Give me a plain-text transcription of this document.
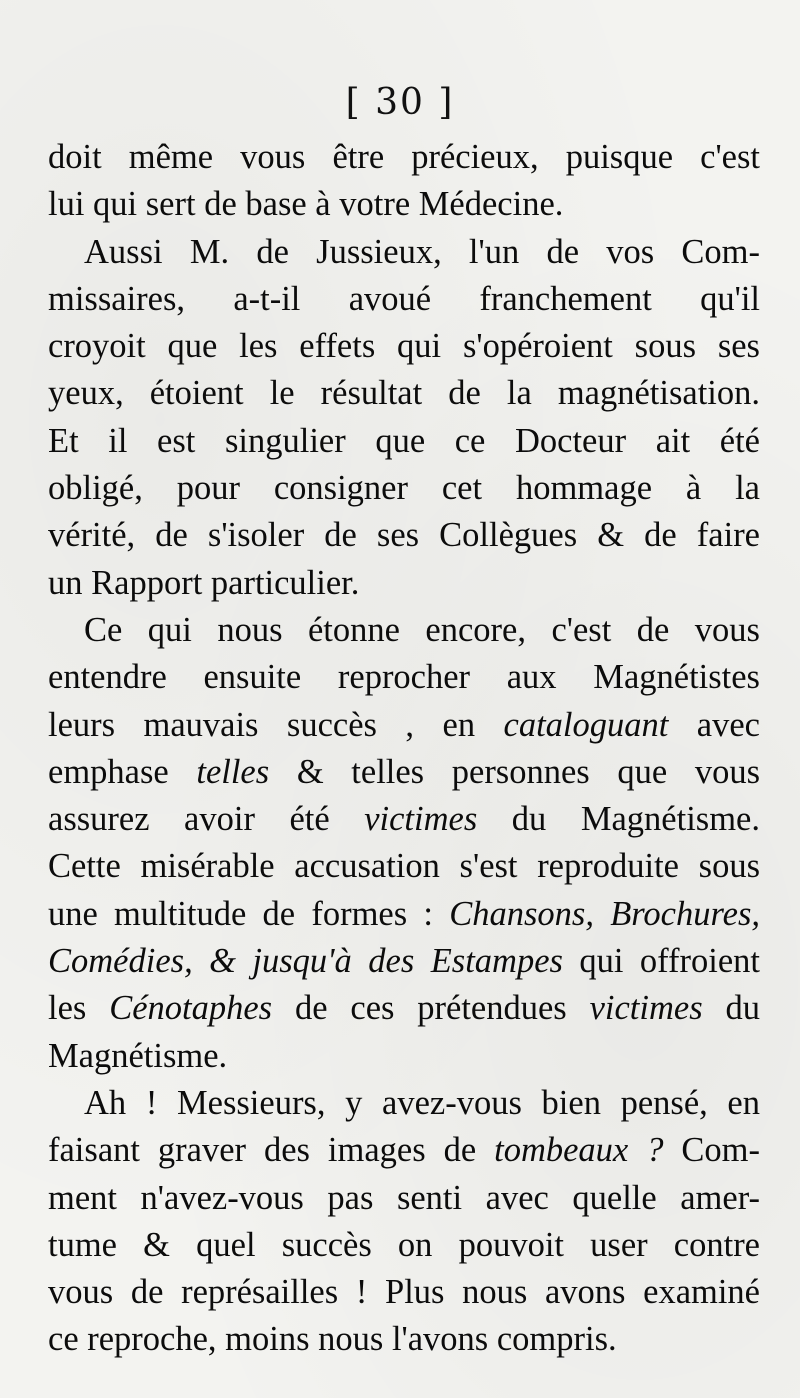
[ 30 ]
doit même vous être précieux, puisque c'est
lui qui sert de base à votre Médecine.
Aussi M. de Jussieux, l'un de vos Com-
missaires, a-t-il avoué franchement qu'il
croyoit que les effets qui s'opéroient sous ses
yeux, étoient le résultat de la magnétisation.
Et il est singulier que ce Docteur ait été
obligé, pour consigner cet hommage à la
vérité, de s'isoler de ses Collègues & de faire
un Rapport particulier.
Ce qui nous étonne encore, c'est de vous
entendre ensuite reprocher aux Magnétistes
leurs mauvais succès , en cataloguant avec
emphase telles & telles personnes que vous
assurez avoir été victimes du Magnétisme.
Cette misérable accusation s'est reproduite sous
une multitude de formes : Chansons, Brochures,
Comédies, & jusqu'à des Estampes qui offroient
les Cénotaphes de ces prétendues victimes du
Magnétisme.
Ah ! Messieurs, y avez-vous bien pensé, en
faisant graver des images de tombeaux ? Com-
ment n'avez-vous pas senti avec quelle amer-
tume & quel succès on pouvoit user contre
vous de représailles ! Plus nous avons examiné
ce reproche, moins nous l'avons compris.
